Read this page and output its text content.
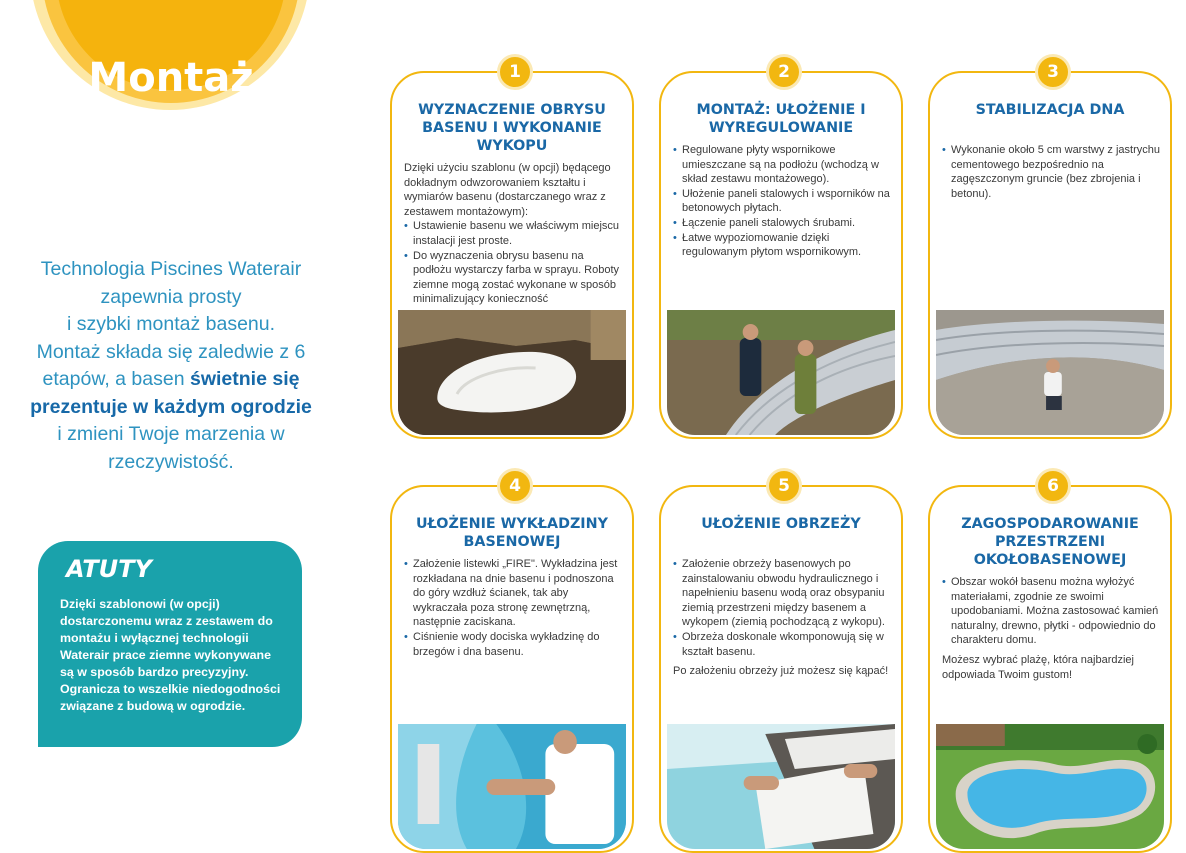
Montaż
Technologia Piscines Waterair
zapewnia prosty
i szybki montaż basenu.
Montaż składa się zaledwie z 6
etapów, a basen świetnie się
prezentuje w każdym ogrodzie
i zmieni Twoje marzenia w
rzeczywistość.
ATUTY
Dzięki szablonowi (w opcji) dostarczonemu wraz z zestawem do montażu i wyłącznej technologii Waterair prace ziemne wykonywane są w sposób bardzo precyzyjny. Ogranicza to wszelkie niedogodności związane z budową w ogrodzie.
1
WYZNACZENIE OBRYSU BASENU I WYKONANIE WYKOPU

Dzięki użyciu szablonu (w opcji) będącego dokładnym odwzorowaniem kształtu i wymiarów basenu (dostarczanego wraz z zestawem montażowym):

• Ustawienie basenu we właściwym miejscu instalacji jest proste.
• Do wyznaczenia obrysu basenu na podłożu wystarczy farba w sprayu. Roboty ziemne mogą zostać wykonane w sposób minimalizujący konieczność
2
MONTAŻ: UŁOŻENIE I WYREGULOWANIE
• Regulowane płyty wspornikowe umieszczane są na podłożu (wchodzą w skład zestawu montażowego).
• Ułożenie paneli stalowych i wsporników na betonowych płytach.
• Łączenie paneli stalowych śrubami.
• Łatwe wypoziomowanie dzięki regulowanym płytom wspornikowym.
3
STABILIZACJA DNA
• Wykonanie około 5 cm warstwy z jastrychu cementowego bezpośrednio na zagęszczonym gruncie (bez zbrojenia i betonu).
4
UŁOŻENIE WYKŁADZINY BASENOWEJ
• Założenie listewki „FIRE". Wykładzina jest rozkładana na dnie basenu i podnoszona do góry wzdłuż ścianek, tak aby wykraczała poza stronę zewnętrzną, następnie zaciskana.
• Ciśnienie wody dociska wykładzinę do brzegów i dna basenu.
5
UŁOŻENIE OBRZEŻY
• Założenie obrzeży basenowych po zainstalowaniu obwodu hydraulicznego i napełnieniu basenu wodą oraz obsypaniu ziemią przestrzeni między basenem a wykopem (ziemią pochodzącą z wykopu).
• Obrzeża doskonale wkomponowują się w kształt basenu.

Po założeniu obrzeży już możesz się kąpać!

6
ZAGOSPODAROWANIE PRZESTRZENI OKOŁOBASENOWEJ
• Obszar wokół basenu można wyłożyć materiałami, zgodnie ze swoimi upodobaniami. Można zastosować kamień naturalny, drewno, płytki - odpowiednio do charakteru domu.

Możesz wybrać plażę, która najbardziej odpowiada Twoim gustom!
